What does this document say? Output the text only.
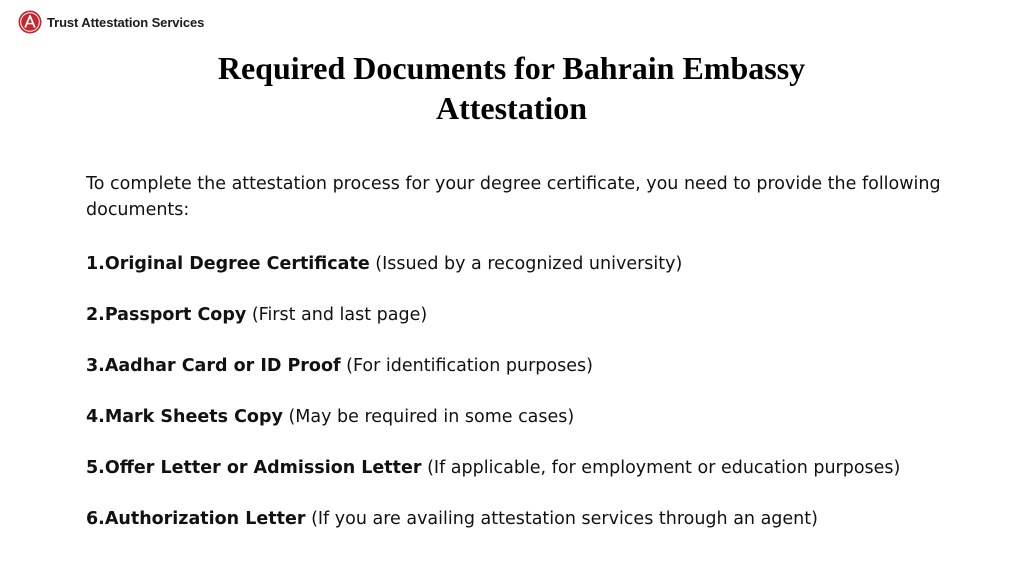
Trust Attestation Services
Required Documents for Bahrain Embassy
Attestation

To complete the attestation process for your degree certificate, you need to provide the following documents:

1.Original Degree Certificate (Issued by a recognized university)
2.Passport Copy (First and last page)
3.Aadhar Card or ID Proof (For identification purposes)
4.Mark Sheets Copy (May be required in some cases)
5.Offer Letter or Admission Letter (If applicable, for employment or education purposes)
6.Authorization Letter (If you are availing attestation services through an agent)
